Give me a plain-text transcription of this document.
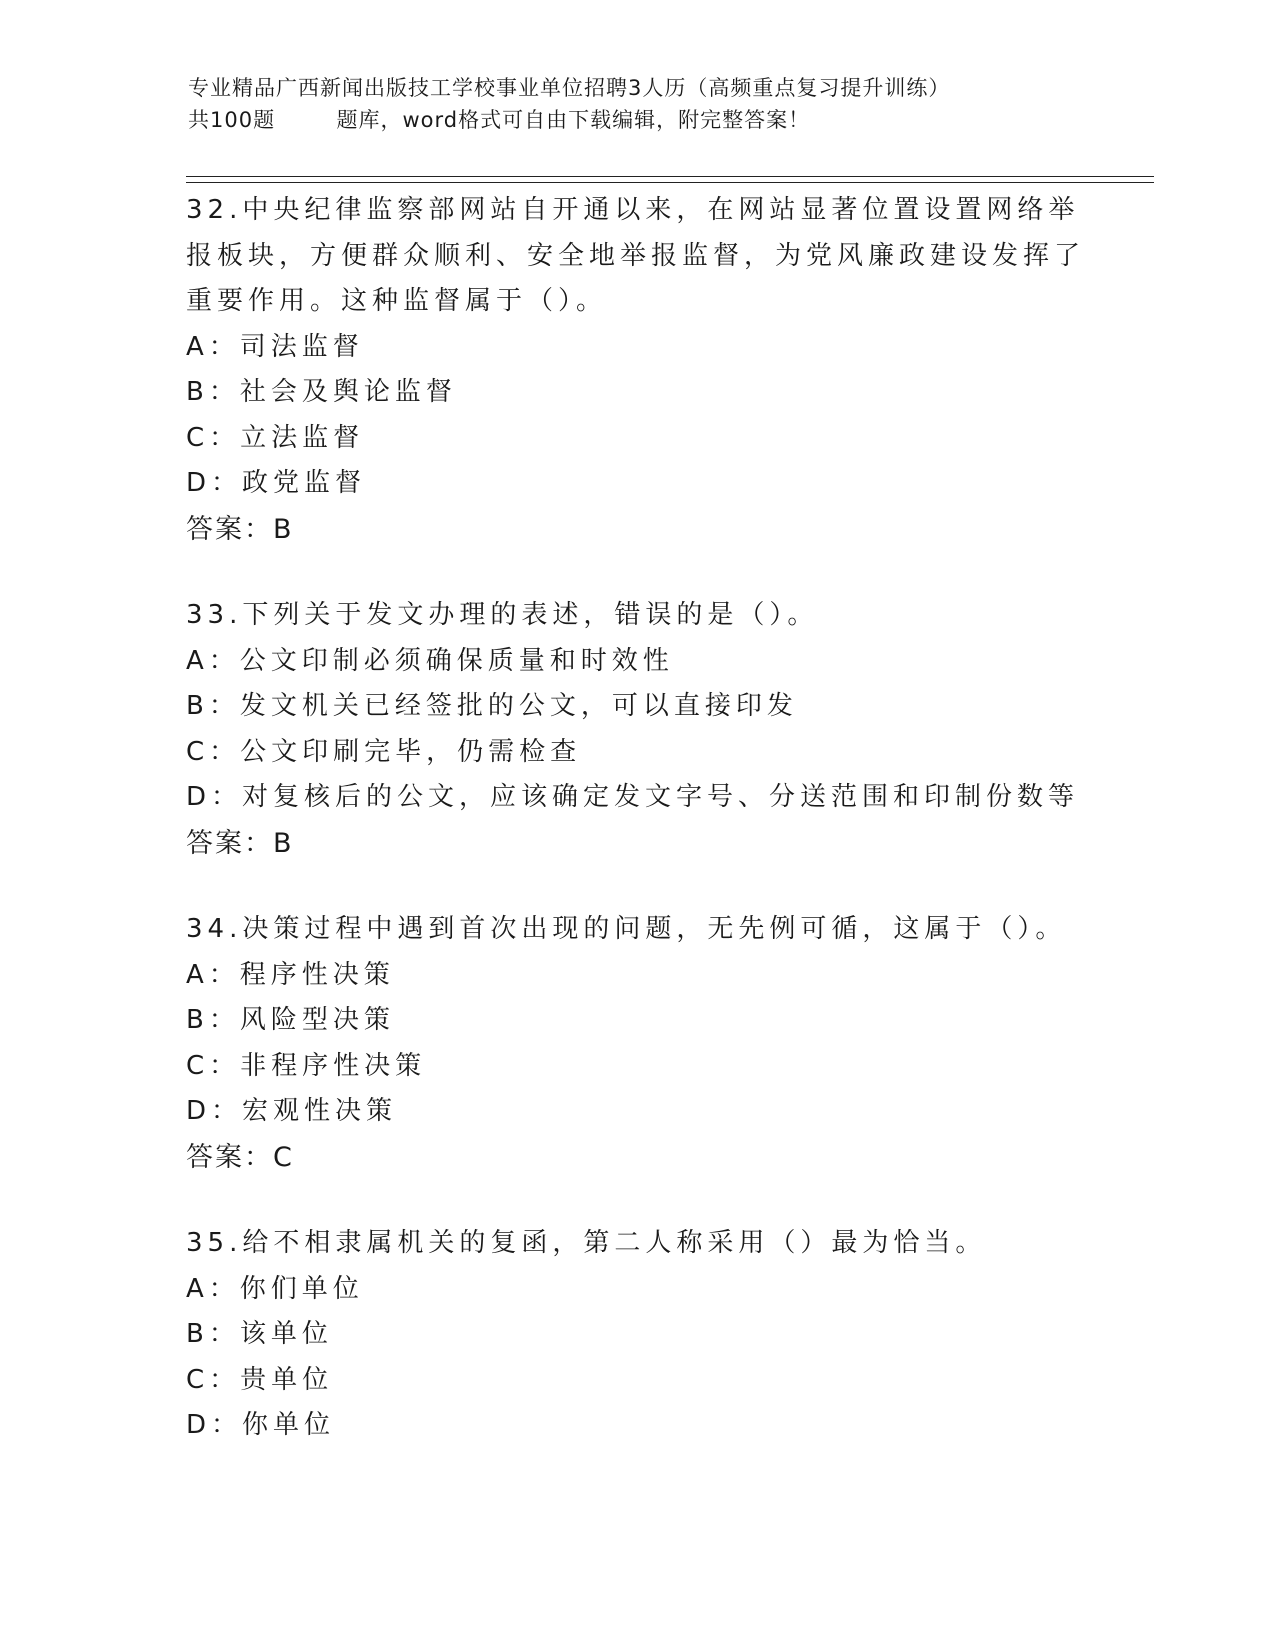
专业精品广西新闻出版技工学校事业单位招聘3人历（高频重点复习提升训练）
共100题        题库，word格式可自由下载编辑，附完整答案！

32.中央纪律监察部网站自开通以来，在网站显著位置设置网络举报板块，方便群众顺利、安全地举报监督，为党风廉政建设发挥了重要作用。这种监督属于（）。

A：司法监督

B：社会及舆论监督

C：立法监督

D：政党监督

答案：B

33.下列关于发文办理的表述，错误的是（）。

A：公文印制必须确保质量和时效性

B：发文机关已经签批的公文，可以直接印发

C：公文印刷完毕，仍需检查

D：对复核后的公文，应该确定发文字号、分送范围和印制份数等

答案：B

34.决策过程中遇到首次出现的问题，无先例可循，这属于（）。

A：程序性决策

B：风险型决策

C：非程序性决策

D：宏观性决策

答案：C

35.给不相隶属机关的复函，第二人称采用（）最为恰当。

A：你们单位

B：该单位

C：贵单位

D：你单位
